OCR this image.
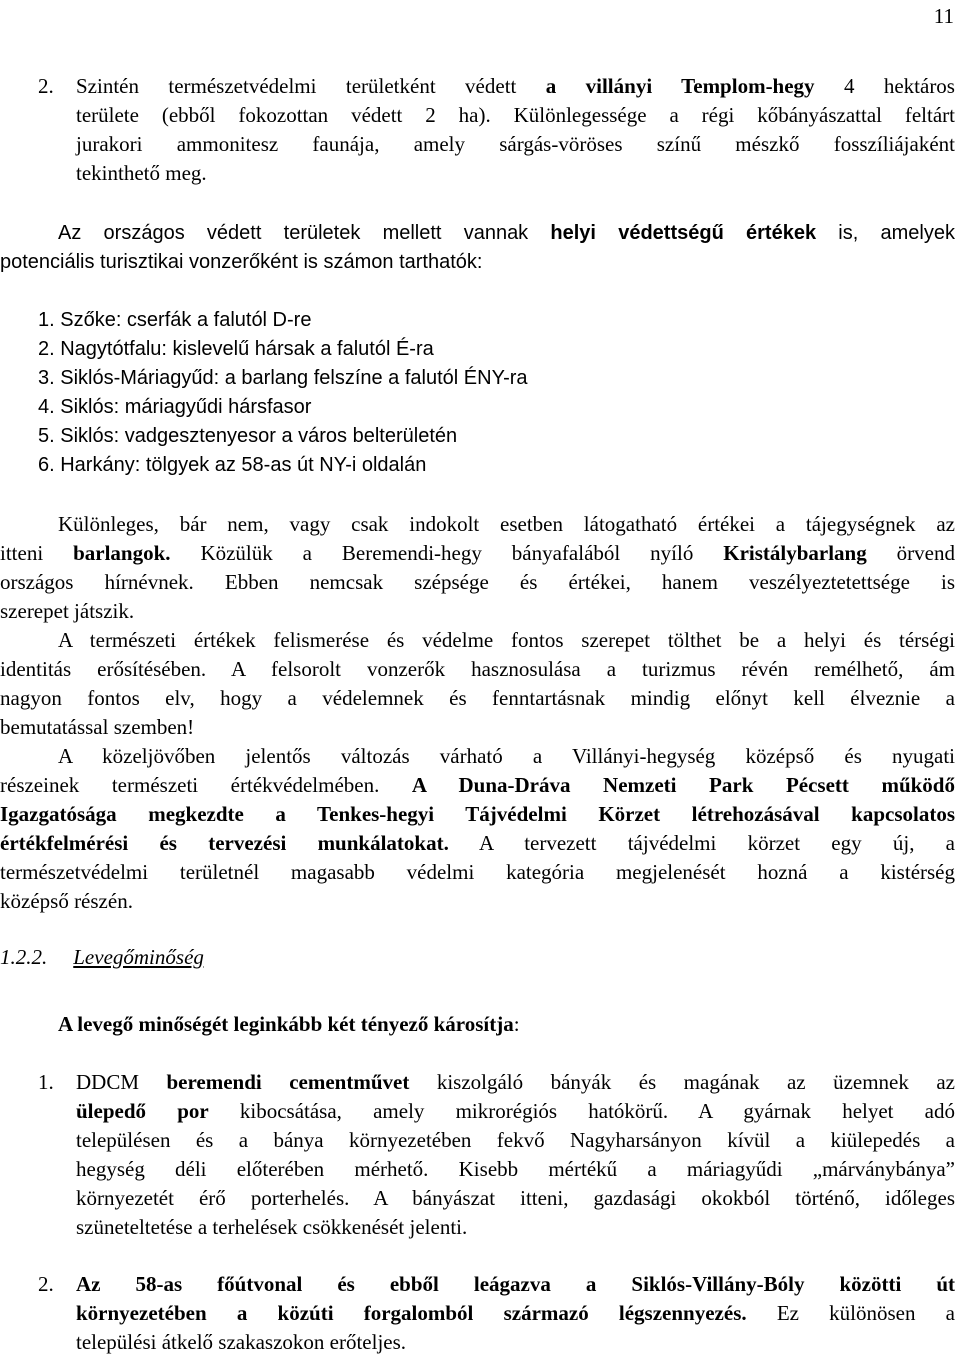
11
2. Szintén természetvédelmi területként védett a villányi Templom-hegy 4 hektáros
területe (ebből fokozottan védett 2 ha). Különlegessége a régi kőbányászattal feltárt
jurakori ammonitesz faunája, amely sárgás-vöröses színű mészkő fosszíliájaként
tekinthető meg.
Az országos védett területek mellett vannak helyi védettségű értékek is, amelyek
potenciális turisztikai vonzerőként is számon tarthatók:
1. Szőke: cserfák a falutól D-re
2. Nagytótfalu: kislevelű hársak a falutól É-ra
3. Siklós-Máriagyűd: a barlang felszíne a falutól ÉNY-ra
4. Siklós: máriagyűdi hársfasor
5. Siklós: vadgesztenyesor a város belterületén
6. Harkány: tölgyek az 58-as út NY-i oldalán
Különleges, bár nem, vagy csak indokolt esetben látogatható értékei a tájegységnek az
itteni barlangok. Közülük a Beremendi-hegy bányafalából nyíló Kristálybarlang örvend
országos hírnévnek. Ebben nemcsak szépsége és értékei, hanem veszélyeztetettsége is
szerepet játszik.
A természeti értékek felismerése és védelme fontos szerepet tölthet be a helyi és térségi
identitás erősítésében. A felsorolt vonzerők hasznosulása a turizmus révén remélhető, ám
nagyon fontos elv, hogy a védelemnek és fenntartásnak mindig előnyt kell élveznie a
bemutatással szemben!
A közeljövőben jelentős változás várható a Villányi-hegység középső és nyugati
részeinek természeti értékvédelmében. A Duna-Dráva Nemzeti Park Pécsett működő
Igazgatósága megkezdte a Tenkes-hegyi Tájvédelmi Körzet létrehozásával kapcsolatos
értékfelmérési és tervezési munkálatokat. A tervezett tájvédelmi körzet egy új, a
természetvédelmi területnél magasabb védelmi kategória megjelenését hozná a kistérség
középső részén.
1.2.2. Levegőminőség
A levegő minőségét leginkább két tényező károsítja:
1. DDCM beremendi cementművet kiszolgáló bányák és magának az üzemnek az
ülepedő por kibocsátása, amely mikrorégiós hatókörű. A gyárnak helyet adó
településen és a bánya környezetében fekvő Nagyharsányon kívül a kiülepedés a
hegység déli előterében mérhető. Kisebb mértékű a máriagyűdi „márványbánya”
környezetét érő porterhelés. A bányászat itteni, gazdasági okokból történő, időleges
szüneteltetése a terhelések csökkenését jelenti.
2. Az 58-as főútvonal és ebből leágazva a Siklós-Villány-Bóly közötti út
környezetében a közúti forgalomból származó légszennyezés. Ez különösen a
települési átkelő szakaszokon erőteljes.
